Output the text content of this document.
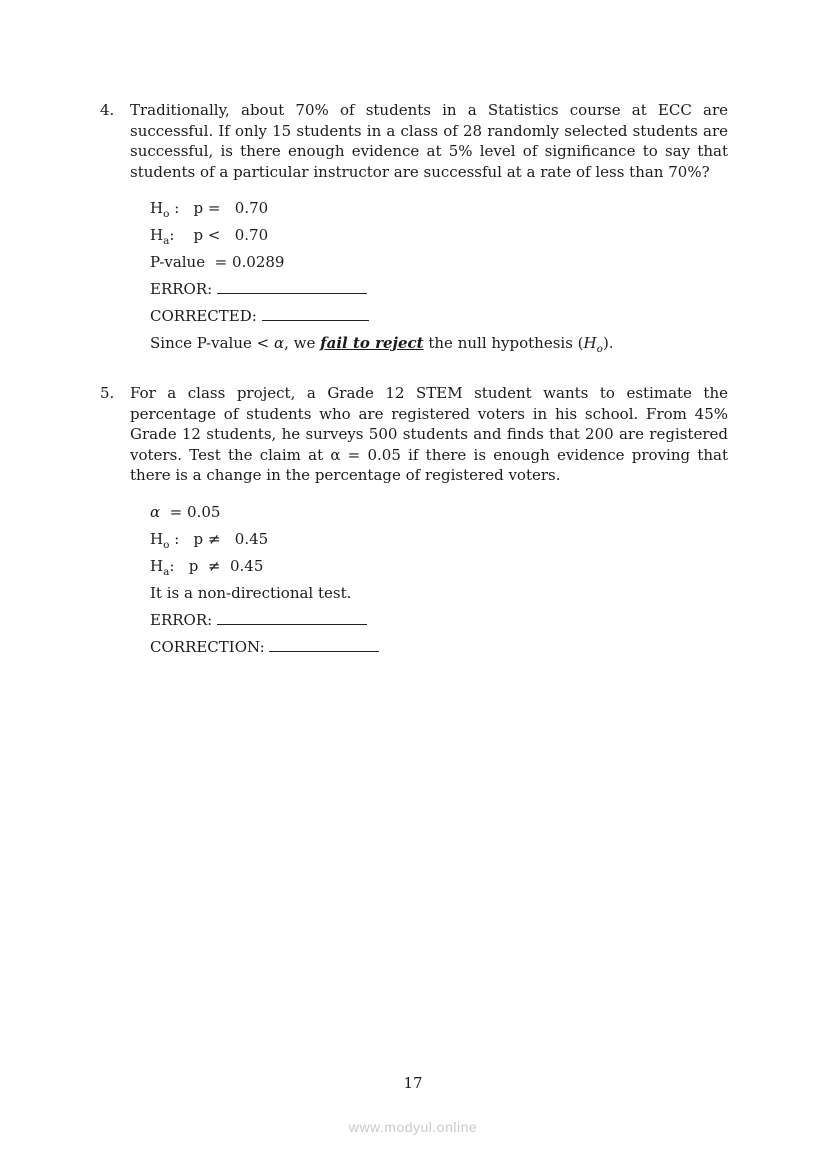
4.	Traditionally, about 70% of students in a Statistics course at ECC are successful. If only 15 students in a class of 28 randomly selected students are successful, is there enough evidence at 5% level of significance to say that students of a particular instructor are successful at a rate of less than 70%?

$H_o$ :   p =   0.70
$H_a$:    p <   0.70
P-value  = 0.0289
ERROR:
CORRECTED:
Since P-value < α, we fail to reject the null hypothesis $(H_o)$.
5.	For a class project, a Grade 12 STEM student wants to estimate the percentage of students who are registered voters in his school. From 45% Grade 12 students, he surveys 500 students and finds that 200 are registered voters. Test the claim at α = 0.05 if there is enough evidence proving that there is a change in the percentage of registered voters.

α  = 0.05
$H_o$ :   p ≠   0.45
$H_a$:   p  ≠  0.45
It is a non-directional test.
ERROR:
CORRECTION:
17
www.modyul.online
